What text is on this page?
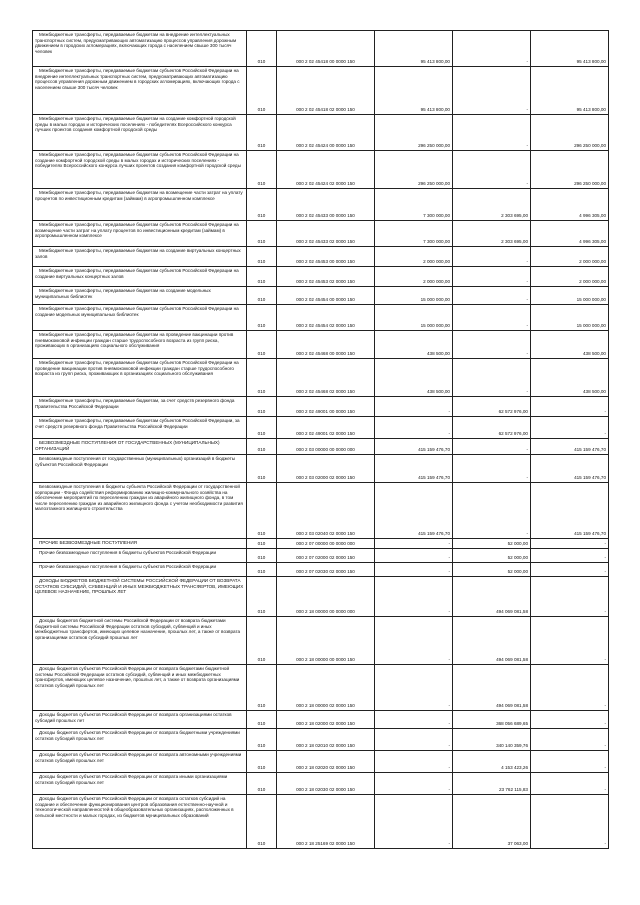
Межбюджетные трансферты, передаваемые бюджетам на внедрение интеллектуальных транспортных систем, предусматривающих автоматизацию процессов управления дорожным движением в городских агломерациях, включающих города с населением свыше 300 тысяч человек	010	000 2 02 45418 00 0000 150	95 413 800,00	-	95 413 800,00
Межбюджетные трансферты, передаваемые бюджетам субъектов Российской Федерации на внедрение интеллектуальных транспортных систем, предусматривающих автоматизацию процессов управления дорожным движением в городских агломерациях, включающих города с населением свыше 300 тысяч человек	010	000 2 02 45418 02 0000 150	95 413 800,00	-	95 413 800,00
Межбюджетные трансферты, передаваемые бюджетам на создание комфортной городской среды в малых городах и исторических поселениях - победителях Всероссийского конкурса лучших проектов создания комфортной городской среды	010	000 2 02 45424 00 0000 150	296 250 000,00	-	296 250 000,00
Межбюджетные трансферты, передаваемые бюджетам субъектов Российской Федерации на создание комфортной городской среды в малых городах и исторических поселениях - победителях Всероссийского конкурса лучших проектов создания комфортной городской среды	010	000 2 02 45424 02 0000 150	296 250 000,00	-	296 250 000,00
Межбюджетные трансферты, передаваемые бюджетам на возмещение части затрат на уплату процентов по инвестиционным кредитам (займам) в агропромышленном комплексе	010	000 2 02 45433 00 0000 150	7 300 000,00	2 303 695,00	4 996 305,00
Межбюджетные трансферты, передаваемые бюджетам субъектов Российской Федерации на возмещение части затрат на уплату процентов по инвестиционным кредитам (займам) в агропромышленном комплексе	010	000 2 02 45433 02 0000 150	7 300 000,00	2 303 695,00	4 996 305,00
Межбюджетные трансферты, передаваемые бюджетам на создание виртуальных концертных залов	010	000 2 02 45453 00 0000 150	2 000 000,00	-	2 000 000,00
Межбюджетные трансферты, передаваемые бюджетам субъектов Российской Федерации на создание виртуальных концертных залов	010	000 2 02 45453 02 0000 150	2 000 000,00	-	2 000 000,00
Межбюджетные трансферты, передаваемые бюджетам на создание модельных муниципальных библиотек	010	000 2 02 45454 00 0000 150	15 000 000,00	-	15 000 000,00
Межбюджетные трансферты, передаваемые бюджетам субъектов Российской Федерации на создание модельных муниципальных библиотек	010	000 2 02 45454 02 0000 150	15 000 000,00	-	15 000 000,00
Межбюджетные трансферты, передаваемые бюджетам на проведение вакцинации против пневмококковой инфекции граждан старше трудоспособного возраста из групп риска, проживающих в организациях социального обслуживания	010	000 2 02 45468 00 0000 150	438 500,00	-	438 500,00
Межбюджетные трансферты, передаваемые бюджетам субъектов Российской Федерации на проведение вакцинации против пневмококковой инфекции граждан старше трудоспособного возраста из групп риска, проживающих в организациях социального обслуживания	010	000 2 02 45468 02 0000 150	438 500,00	-	438 500,00
Межбюджетные трансферты, передаваемые бюджетам, за счет средств резервного фонда Правительства Российской Федерации	010	000 2 02 49001 00 0000 150	-	62 572 976,00	-
Межбюджетные трансферты, передаваемые бюджетам субъектов Российской Федерации, за счет средств резервного фонда Правительства Российской Федерации	010	000 2 02 49001 02 0000 150	-	62 572 976,00	-
БЕЗВОЗМЕЗДНЫЕ ПОСТУПЛЕНИЯ ОТ ГОСУДАРСТВЕННЫХ (МУНИЦИПАЛЬНЫХ) ОРГАНИЗАЦИЙ	010	000 2 03 00000 00 0000 000	415 159 476,70	-	415 159 476,70
Безвозмездные поступления от государственных (муниципальных) организаций в бюджеты субъектов Российской Федерации	010	000 2 03 02000 02 0000 150	415 159 476,70	-	415 159 476,70
Безвозмездные поступления в бюджеты субъекта Российской Федерации от государственной корпорации - Фонда содействия реформированию жилищно-коммунального хозяйства на обеспечение мероприятий по переселению граждан из аварийного жилищного фонда, в том числе переселению граждан из аварийного жилищного фонда с учетом необходимости развития малоэтажного жилищного строительства	010	000 2 03 02040 02 0000 150	415 159 476,70	-	415 159 476,70
ПРОЧИЕ БЕЗВОЗМЕЗДНЫЕ ПОСТУПЛЕНИЯ	010	000 2 07 00000 00 0000 000	-	52 000,00	-
Прочие безвозмездные поступления в бюджеты субъектов Российской Федерации	010	000 2 07 02000 02 0000 150	-	52 000,00	-
Прочие безвозмездные поступления в бюджеты субъектов Российской Федерации	010	000 2 07 02030 02 0000 150	-	52 000,00	-
ДОХОДЫ БЮДЖЕТОВ БЮДЖЕТНОЙ СИСТЕМЫ РОССИЙСКОЙ ФЕДЕРАЦИИ ОТ ВОЗВРАТА ОСТАТКОВ СУБСИДИЙ, СУБВЕНЦИЙ И ИНЫХ МЕЖБЮДЖЕТНЫХ ТРАНСФЕРТОВ, ИМЕЮЩИХ ЦЕЛЕВОЕ НАЗНАЧЕНИЕ, ПРОШЛЫХ ЛЕТ	010	000 2 18 00000 00 0000 000	-	494 069 081,58	-
Доходы бюджетов бюджетной системы Российской Федерации от возврата бюджетами бюджетной системы Российской Федерации остатков субсидий, субвенций и иных межбюджетных трансфертов, имеющих целевое назначение, прошлых лет, а также от возврата организациями остатков субсидий прошлых лет	010	000 2 18 00000 00 0000 150	-	494 069 081,58	-
Доходы бюджетов субъектов Российской Федерации от возврата бюджетами бюджетной системы Российской Федерации остатков субсидий, субвенций и иных межбюджетных трансфертов, имеющих целевое назначение, прошлых лет, а также от возврата организациями остатков субсидий прошлых лет	010	000 2 18 00000 02 0000 150	-	494 069 081,58	-
Доходы бюджетов субъектов Российской Федерации от возврата организациями остатков субсидий прошлых лет	010	000 2 18 02000 02 0000 150	-	368 056 689,65	-
Доходы бюджетов субъектов Российской Федерации от возврата бюджетными учреждениями остатков субсидий прошлых лет	010	000 2 18 02010 02 0000 150	-	340 140 359,76	-
Доходы бюджетов субъектов Российской Федерации от возврата автономными учреждениями остатков субсидий прошлых лет	010	000 2 18 02020 02 0000 150	-	4 153 423,26	-
Доходы бюджетов субъектов Российской Федерации от возврата иными организациями остатков субсидий прошлых лет	010	000 2 18 02030 02 0000 150	-	23 762 115,83	-
Доходы бюджетов субъектов Российской Федерации от возврата остатков субсидий на создание и обеспечение функционирования центров образования естественно-научной и технологической направленностей в общеобразовательных организациях, расположенных в сельской местности и малых городах, из бюджетов муниципальных образований	010	000 2 18 25169 02 0000 150	-	37 063,00	-
